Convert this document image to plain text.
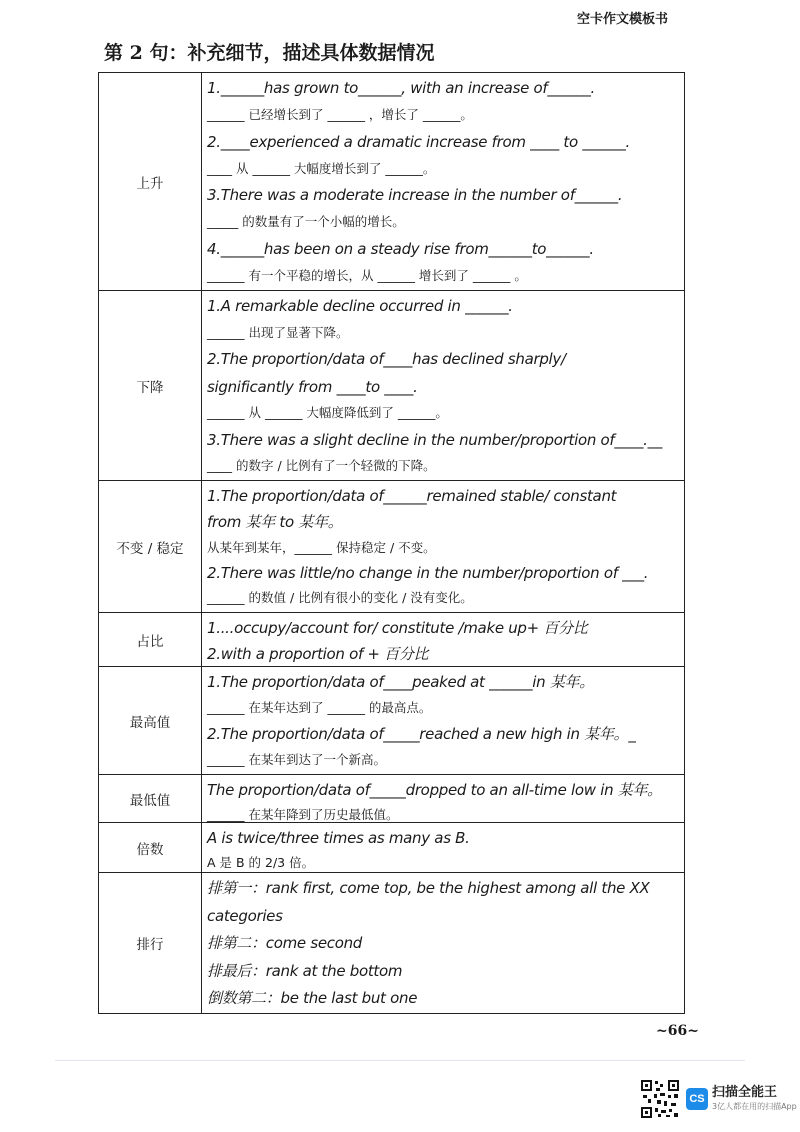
空卡作文模板书
第 2 句：补充细节，描述具体数据情况
上升
1.______has grown to______, with an increase of______.
______ 已经增长到了 ______ ，增长了 ______。
2.____experienced a dramatic increase from ____ to ______.
____ 从 ______ 大幅度增长到了 ______。
3.There was a moderate increase in the number of______.
_____ 的数量有了一个小幅的增长。
4.______has been on a steady rise from______to______.
______ 有一个平稳的增长，从 ______ 增长到了 ______ 。
下降
1.A remarkable decline occurred in ______.
______ 出现了显著下降。
2.The proportion/data of____has declined sharply/
significantly from ____to ____.
______ 从 ______ 大幅度降低到了 ______。
3.There was a slight decline in the number/proportion of____.__
____ 的数字 / 比例有了一个轻微的下降。
不变 / 稳定
1.The proportion/data of______remained stable/ constant
from 某年 to 某年。
从某年到某年，______ 保持稳定 / 不变。
2.There was little/no change in the number/proportion of ___.
______ 的数值 / 比例有很小的变化 / 没有变化。
占比
1....occupy/account for/ constitute /make up+ 百分比
2.with a proportion of + 百分比
最高值
1.The proportion/data of____peaked at ______in 某年。
______ 在某年达到了 ______ 的最高点。
2.The proportion/data of_____reached a new high in 某年。_
______ 在某年到达了一个新高。
最低值
The proportion/data of_____dropped to an all-time low in 某年。
______ 在某年降到了历史最低值。
倍数
A is twice/three times as many as B.
A 是 B 的 2/3 倍。
排行
排第一：rank first, come top, be the highest among all the XX
categories
排第二：come second
排最后：rank at the bottom
倒数第二：be the last but one
~66~
CS 扫描全能王
3亿人都在用的扫描App
